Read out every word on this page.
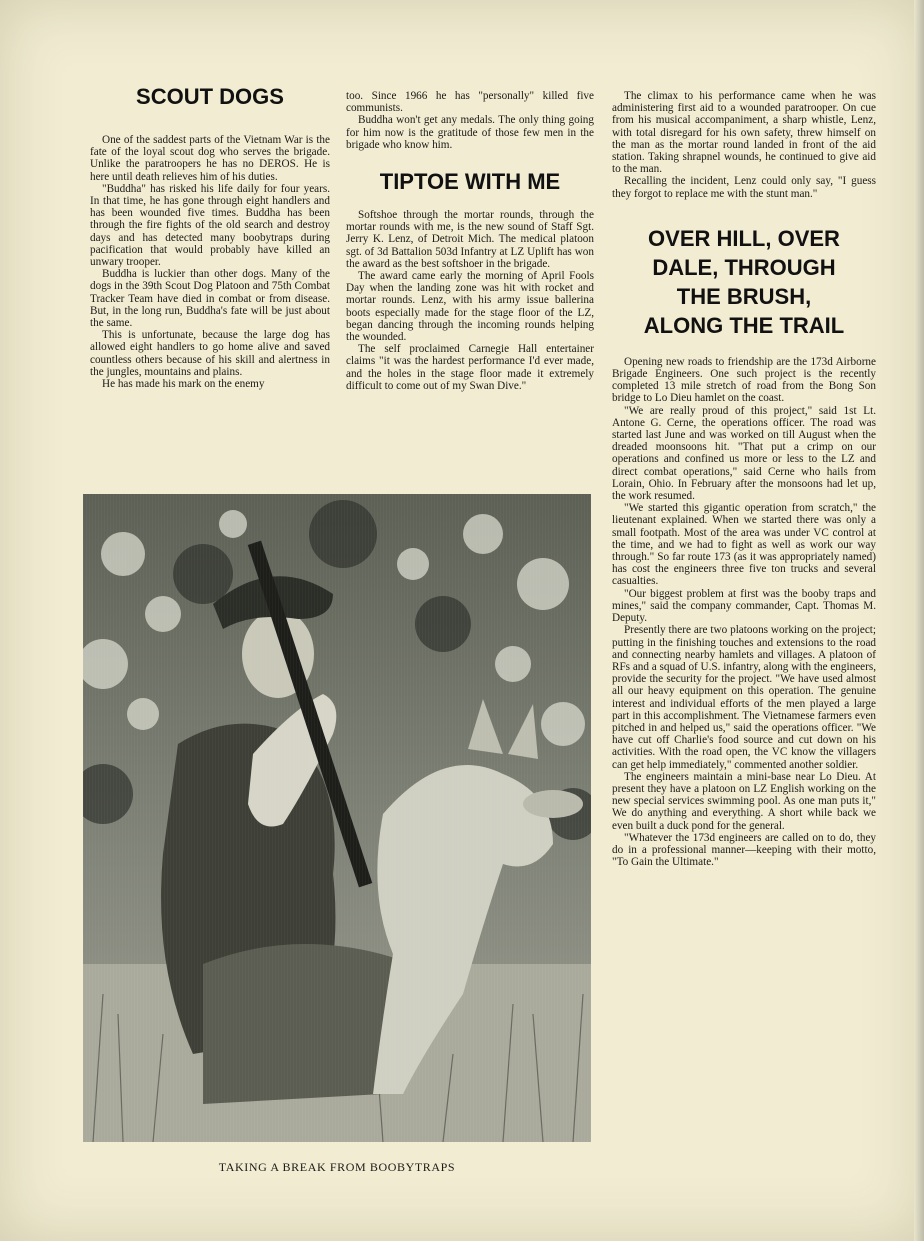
SCOUT DOGS

One of the saddest parts of the Vietnam War is the fate of the loyal scout dog who serves the brigade. Unlike the paratroopers he has no DEROS. He is here until death relieves him of his duties.

"Buddha" has risked his life daily for four years. In that time, he has gone through eight handlers and has been wounded five times. Buddha has been through the fire fights of the old search and destroy days and has detected many boobytraps during pacification that would probably have killed an unwary trooper.

Buddha is luckier than other dogs. Many of the dogs in the 39th Scout Dog Platoon and 75th Combat Tracker Team have died in combat or from disease. But, in the long run, Buddha's fate will be just about the same.

This is unfortunate, because the large dog has allowed eight handlers to go home alive and saved countless others because of his skill and alertness in the jungles, mountains and plains.

He has made his mark on the enemy

too. Since 1966 he has "personally" killed five communists.

Buddha won't get any medals. The only thing going for him now is the gratitude of those few men in the brigade who know him.

TIPTOE WITH ME

Softshoe through the mortar rounds, through the mortar rounds with me, is the new sound of Staff Sgt. Jerry K. Lenz, of Detroit Mich. The medical platoon sgt. of 3d Battalion 503d Infantry at LZ Uplift has won the award as the best softshoer in the brigade.

The award came early the morning of April Fools Day when the landing zone was hit with rocket and mortar rounds. Lenz, with his army issue ballerina boots especially made for the stage floor of the LZ, began dancing through the incoming rounds helping the wounded.

The self proclaimed Carnegie Hall entertainer claims "it was the hardest performance I'd ever made, and the holes in the stage floor made it extremely difficult to come out of my Swan Dive."

The climax to his performance came when he was administering first aid to a wounded paratrooper. On cue from his musical accompaniment, a sharp whistle, Lenz, with total disregard for his own safety, threw himself on the man as the mortar round landed in front of the aid station. Taking shrapnel wounds, he continued to give aid to the man.

Recalling the incident, Lenz could only say, "I guess they forgot to replace me with the stunt man."

OVER HILL, OVER
DALE, THROUGH
THE BRUSH,
ALONG THE TRAIL

Opening new roads to friendship are the 173d Airborne Brigade Engineers. One such project is the recently completed 13 mile stretch of road from the Bong Son bridge to Lo Dieu hamlet on the coast.

"We are really proud of this project," said 1st Lt. Antone G. Cerne, the operations officer. The road was started last June and was worked on till August when the dreaded moonsoons hit. "That put a crimp on our operations and confined us more or less to the LZ and direct combat operations," said Cerne who hails from Lorain, Ohio. In February after the monsoons had let up, the work resumed.

"We started this gigantic operation from scratch," the lieutenant explained. When we started there was only a small footpath. Most of the area was under VC control at the time, and we had to fight as well as work our way through." So far route 173 (as it was appropriately named) has cost the engineers three five ton trucks and several casualties.

"Our biggest problem at first was the booby traps and mines," said the company commander, Capt. Thomas M. Deputy.

Presently there are two platoons working on the project; putting in the finishing touches and extensions to the road and connecting nearby hamlets and villages. A platoon of RFs and a squad of U.S. infantry, along with the engineers, provide the security for the project. "We have used almost all our heavy equipment on this operation. The genuine interest and individual efforts of the men played a large part in this accomplishment. The Vietnamese farmers even pitched in and helped us," said the operations officer. "We have cut off Charlie's food source and cut down on his activities. With the road open, the VC know the villagers can get help immediately," commented another soldier.

The engineers maintain a mini-base near Lo Dieu. At present they have a platoon on LZ English working on the new special services swimming pool. As one man puts it," We do anything and everything. A short while back we even built a duck pond for the general.

"Whatever the 173d engineers are called on to do, they do in a professional manner—keeping with their motto, "To Gain the Ultimate."

TAKING A BREAK FROM BOOBYTRAPS
